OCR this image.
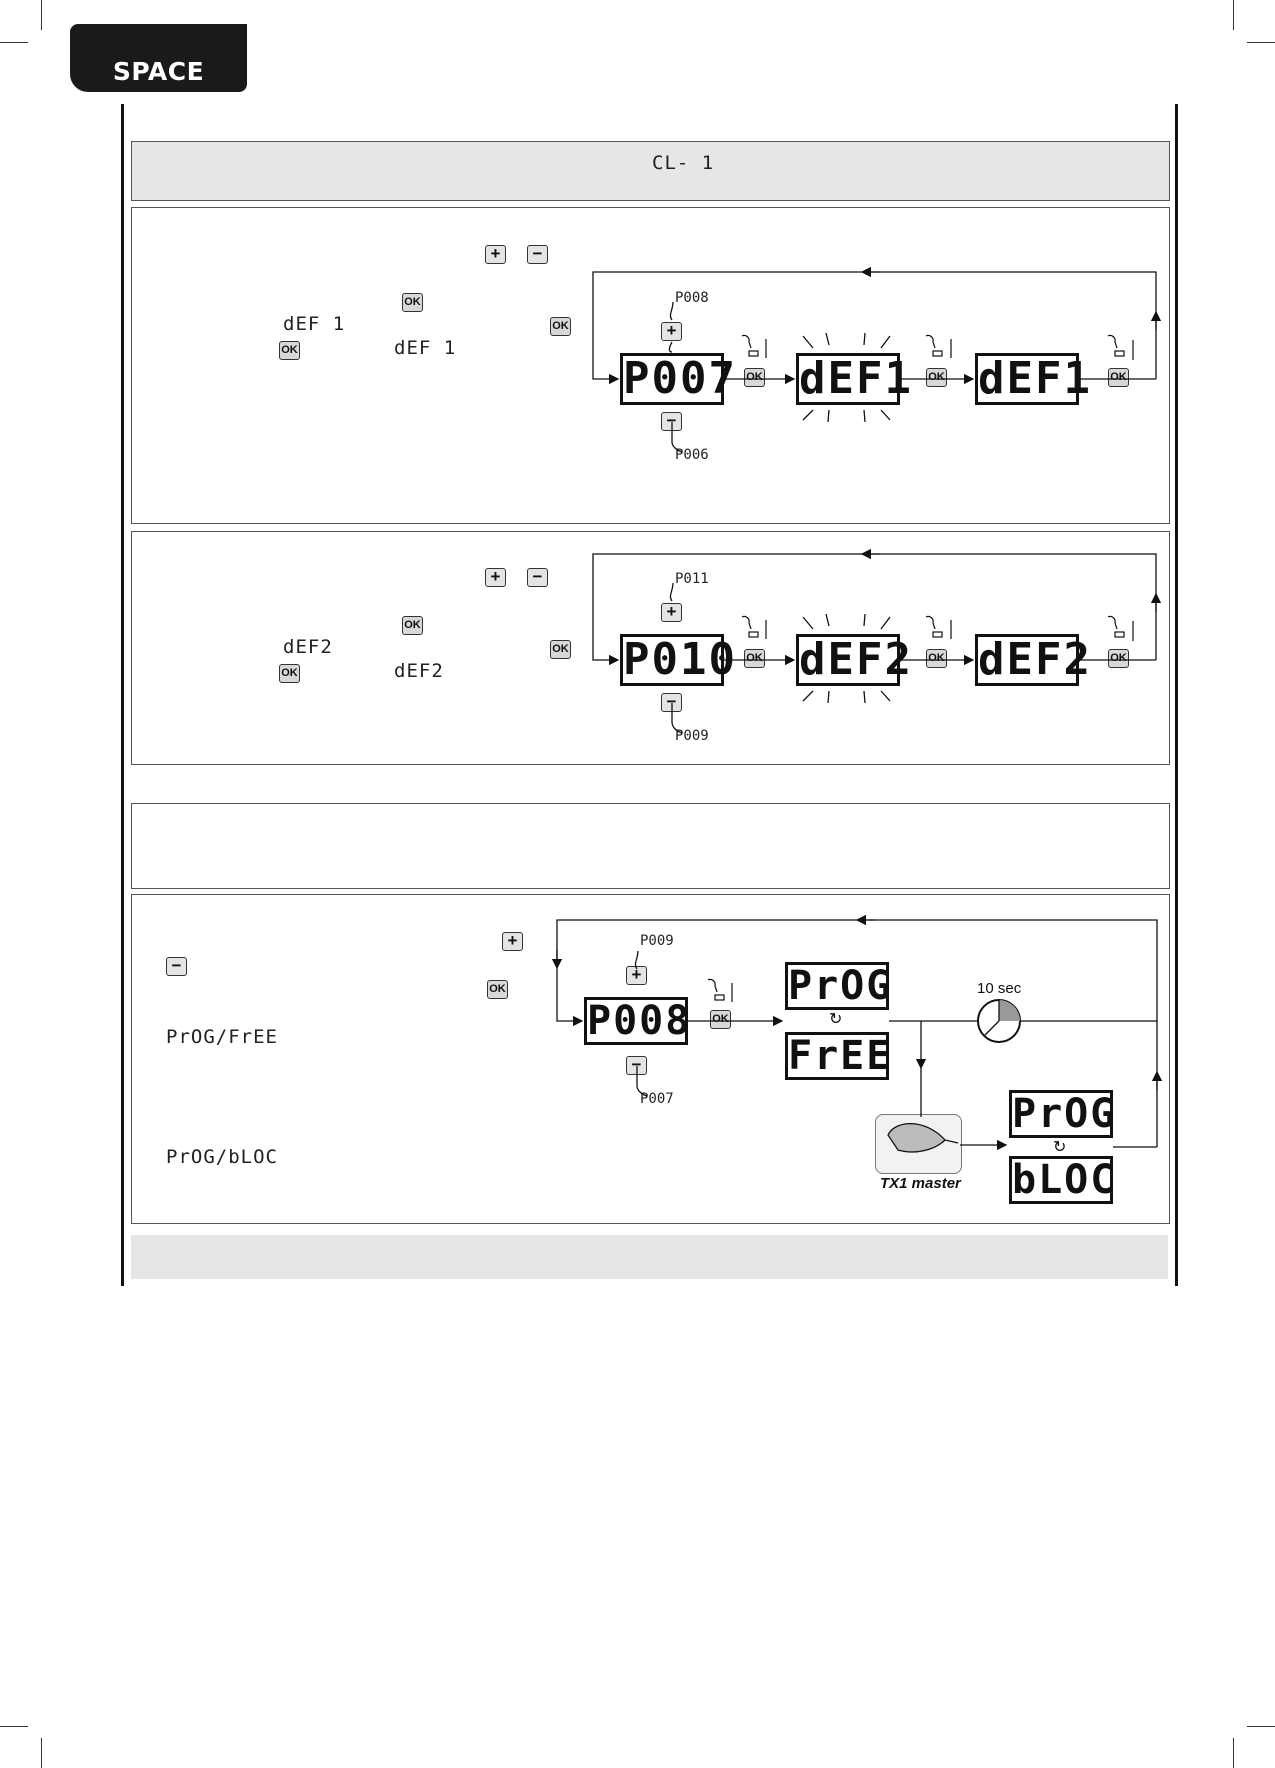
SPACE
CL- 1
+	−
OK
dEF 1	OK
OK	dEF 1
P008
+
P007
−
P006
OK dEF1 OK dEF1 OK
+	−
OK
dEF2	OK
OK	dEF2
P011
+
P010
−
P009
OK dEF2 OK dEF2 OK
+
−
OK
PrOG/FrEE
PrOG/bLOC
P009
+
P008
−
P007
OK
PrOG
↻
FrEE
10 sec
TX1 master
PrOG
↻
bLOC
